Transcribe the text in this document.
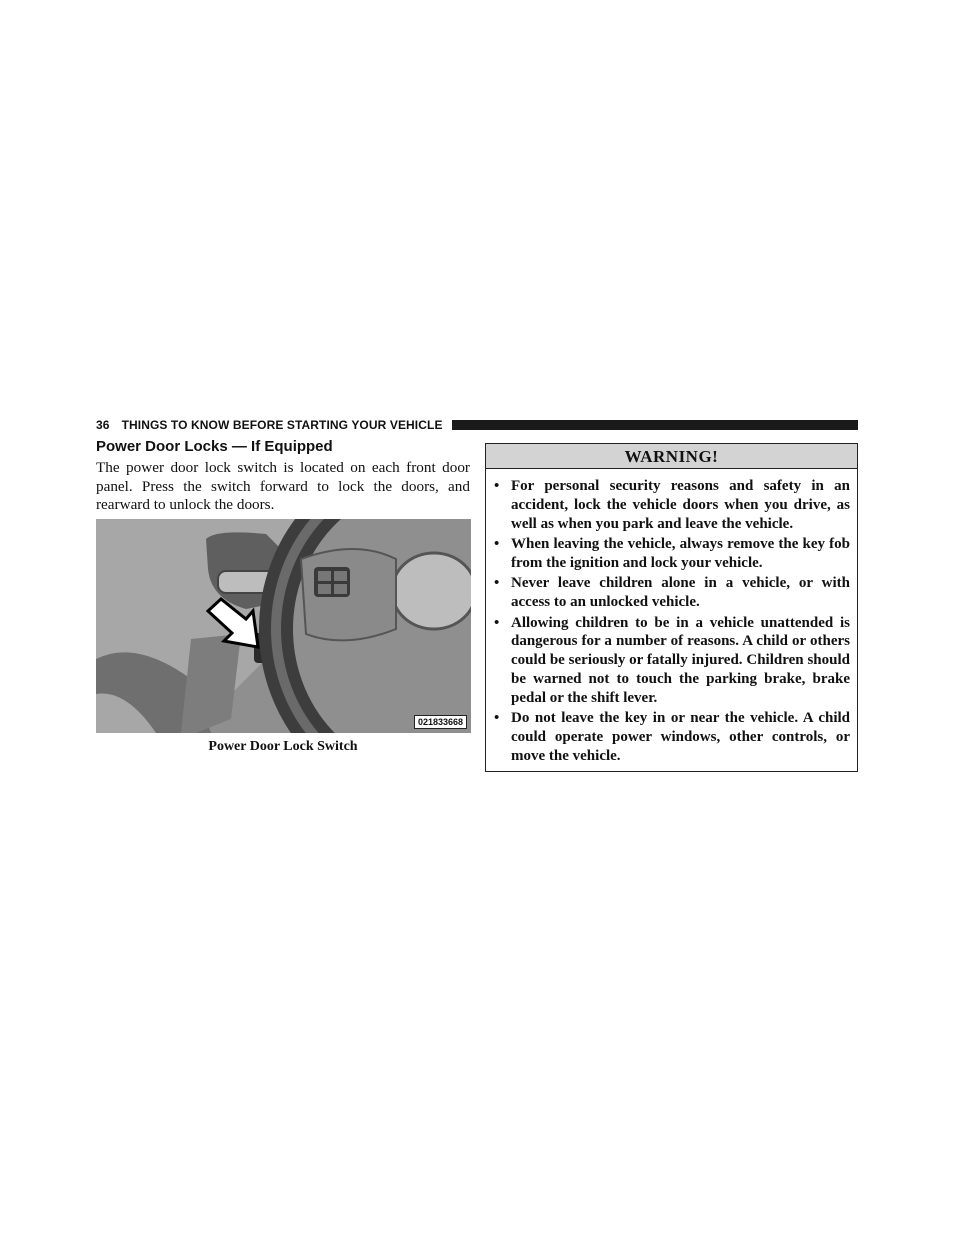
36 THINGS TO KNOW BEFORE STARTING YOUR VEHICLE
Power Door Locks — If Equipped

The power door lock switch is located on each front door panel. Press the switch forward to lock the doors, and rearward to unlock the doors.

021833668
Power Door Lock Switch
WARNING!
• For personal security reasons and safety in an accident, lock the vehicle doors when you drive, as well as when you park and leave the vehicle.
• When leaving the vehicle, always remove the key fob from the ignition and lock your vehicle.
• Never leave children alone in a vehicle, or with access to an unlocked vehicle.
• Allowing children to be in a vehicle unattended is dangerous for a number of reasons. A child or others could be seriously or fatally injured. Children should be warned not to touch the parking brake, brake pedal or the shift lever.
• Do not leave the key in or near the vehicle. A child could operate power windows, other controls, or move the vehicle.
